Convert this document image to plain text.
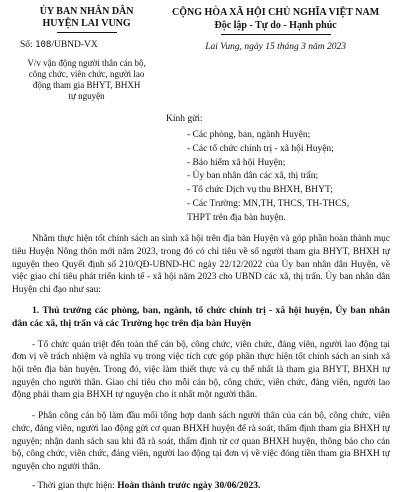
ỦY BAN NHÂN DÂN
HUYỆN LAI VUNG
Số: 108/UBND-VX
V/v vận động người thân cán bộ,
công chức, viên chức, người lao
động tham gia BHYT, BHXH
tự nguyện
CỘNG HÒA XÃ HỘI CHỦ NGHĨA VIỆT NAM
Độc lập - Tự do - Hạnh phúc
Lai Vung, ngày 15 tháng 3 năm 2023
Kính gửi:
- Các phòng, ban, ngành Huyện;
- Các tổ chức chính trị - xã hội Huyện;
- Bảo hiểm xã hội Huyện;
- Ủy ban nhân dân các xã, thị trấn;
- Tổ chức Dịch vụ thu BHXH, BHYT;
- Các Trường: MN,TH, THCS, TH-THCS,
THPT trên địa bàn huyện.
Nhằm thực hiện tốt chính sách an sinh xã hội trên địa bàn Huyện và góp phần hoàn thành mục tiêu Huyện Nông thôn mới năm 2023, trong đó có chỉ tiêu về số người tham gia BHYT, BHXH tự nguyện theo Quyết định số 210/QĐ-UBND-HC ngày 22/12/2022 của Ủy ban nhân dân Huyện, về việc giao chỉ tiêu phát triển kinh tế - xã hội năm 2023 cho UBND các xã, thị trấn. Ủy ban nhân dân Huyện chỉ đạo như sau:
1. Thủ trưởng các phòng, ban, ngành, tổ chức chính trị - xã hội huyện, Ủy ban nhân dân các xã, thị trấn và các Trường học trên địa bàn Huyện
- Tổ chức quán triệt đến toàn thể cán bộ, công chức, viên chức, đảng viên, người lao động tại đơn vị về trách nhiệm và nghĩa vụ trong việc tích cực góp phần thực hiện tốt chính sách an sinh xã hội trên địa bàn huyện. Trong đó, việc làm thiết thực và cụ thể nhất là tham gia BHYT, BHXH tự nguyện cho người thân. Giao chỉ tiêu cho mỗi cán bộ, công chức, viên chức, đảng viên, người lao động phải tham gia BHXH tự nguyện cho ít nhất một người thân.
- Phân công cán bộ làm đầu mối tổng hợp danh sách người thân của cán bộ, công chức, viên chức, đảng viên, người lao động gửi cơ quan BHXH huyện để rà soát, thẩm định tham gia BHXH tự nguyện; nhận danh sách sau khi đã rà soát, thẩm định từ cơ quan BHXH huyện, thông báo cho cán bộ, công chức, viên chức, đảng viên, người lao động tại đơn vị về việc đóng tiền tham gia BHXH tự nguyện cho người thân.
- Thời gian thực hiện: Hoàn thành trước ngày 30/06/2023.
